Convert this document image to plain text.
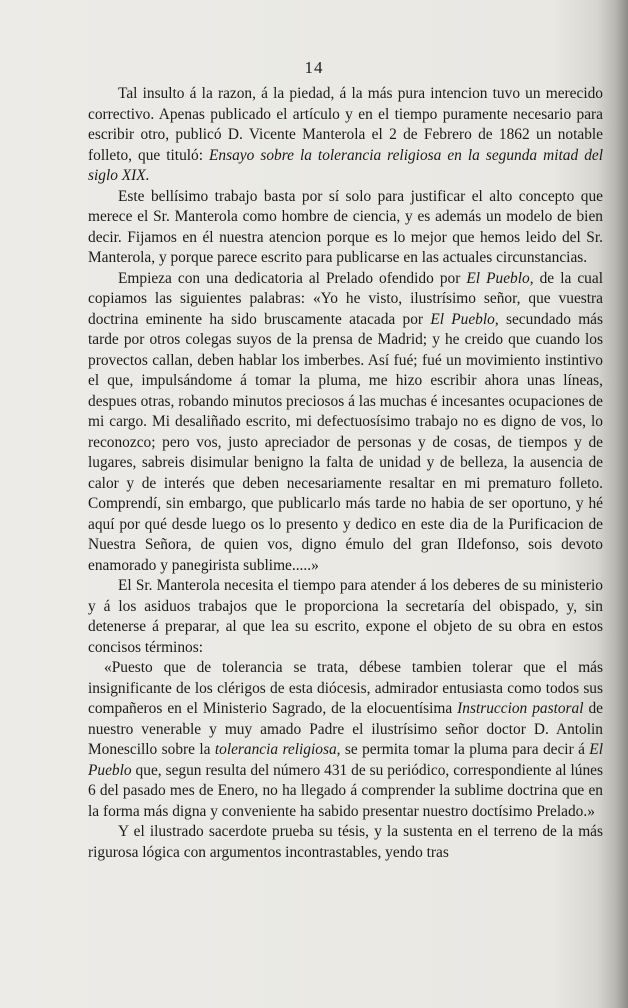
14

Tal insulto á la razon, á la piedad, á la más pura intencion tuvo un merecido correctivo. Apenas publicado el artículo y en el tiempo puramente necesario para escribir otro, publicó D. Vicente Manterola el 2 de Febrero de 1862 un notable folleto, que tituló: Ensayo sobre la tolerancia religiosa en la segunda mitad del siglo XIX.

Este bellísimo trabajo basta por sí solo para justificar el alto concepto que merece el Sr. Manterola como hombre de ciencia, y es además un modelo de bien decir. Fijamos en él nuestra atencion porque es lo mejor que hemos leido del Sr. Manterola, y porque parece escrito para publicarse en las actuales circunstancias.

Empieza con una dedicatoria al Prelado ofendido por El Pueblo, de la cual copiamos las siguientes palabras: «Yo he visto, ilustrísimo señor, que vuestra doctrina eminente ha sido bruscamente atacada por El Pueblo, secundado más tarde por otros colegas suyos de la prensa de Madrid; y he creido que cuando los provectos callan, deben hablar los imberbes. Así fué; fué un movimiento instintivo el que, impulsándome á tomar la pluma, me hizo escribir ahora unas líneas, despues otras, robando minutos preciosos á las muchas é incesantes ocupaciones de mi cargo. Mi desaliñado escrito, mi defectuosísimo trabajo no es digno de vos, lo reconozco; pero vos, justo apreciador de personas y de cosas, de tiempos y de lugares, sabreis disimular benigno la falta de unidad y de belleza, la ausencia de calor y de interés que deben necesariamente resaltar en mi prematuro folleto. Comprendí, sin embargo, que publicarlo más tarde no habia de ser oportuno, y hé aquí por qué desde luego os lo presento y dedico en este dia de la Purificacion de Nuestra Señora, de quien vos, digno émulo del gran Ildefonso, sois devoto enamorado y panegirista sublime.....»

El Sr. Manterola necesita el tiempo para atender á los deberes de su ministerio y á los asiduos trabajos que le proporciona la secretaría del obispado, y, sin detenerse á preparar, al que lea su escrito, expone el objeto de su obra en estos concisos términos:

«Puesto que de tolerancia se trata, débese tambien tolerar que el más insignificante de los clérigos de esta diócesis, admirador entusiasta como todos sus compañeros en el Ministerio Sagrado, de la elocuentísima Instruccion pastoral de nuestro venerable y muy amado Padre el ilustrísimo señor doctor D. Antolin Monescillo sobre la tolerancia religiosa, se permita tomar la pluma para decir á El Pueblo que, segun resulta del número 431 de su periódico, correspondiente al lúnes 6 del pasado mes de Enero, no ha llegado á comprender la sublime doctrina que en la forma más digna y conveniente ha sabido presentar nuestro doctísimo Prelado.»

Y el ilustrado sacerdote prueba su tésis, y la sustenta en el terreno de la más rigurosa lógica con argumentos incontrastables, yendo tras
